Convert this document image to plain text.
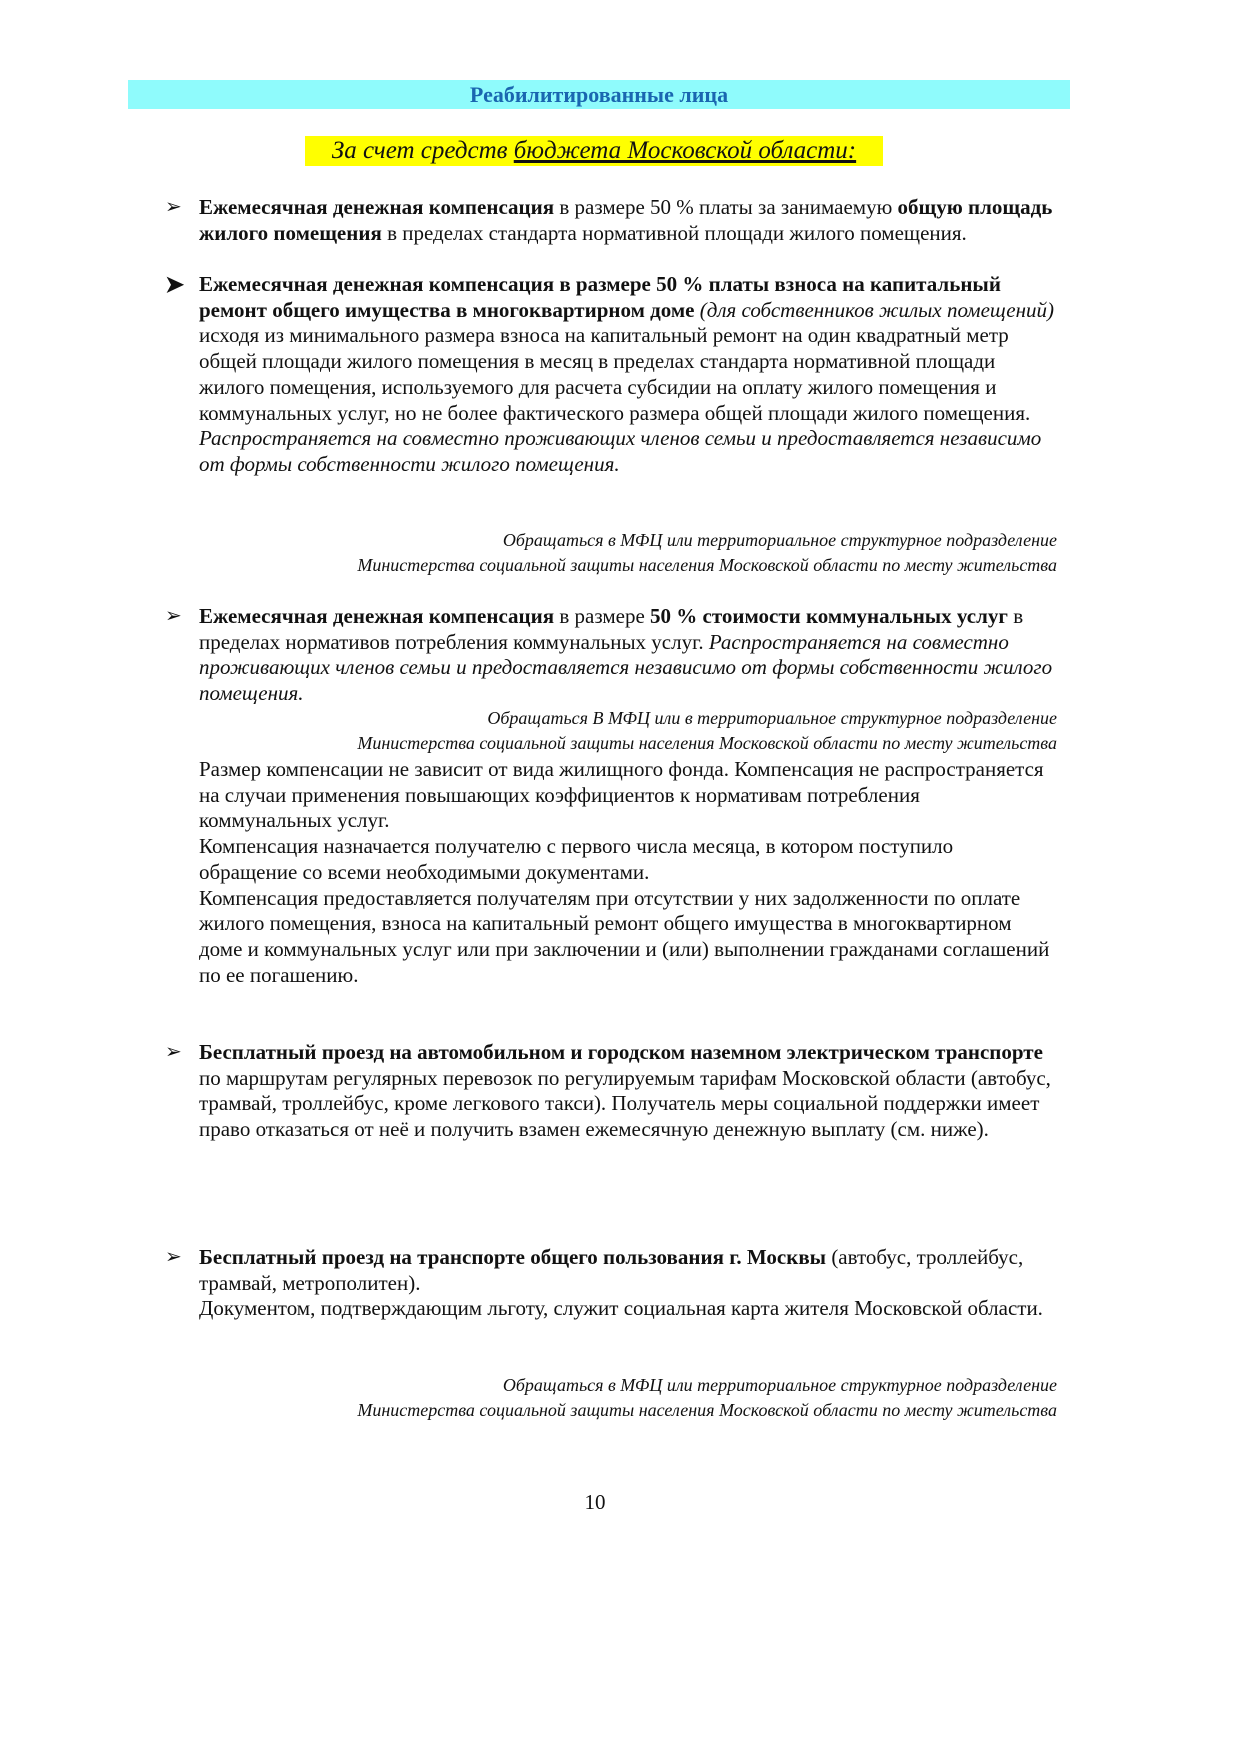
Реабилитированные лица
За счет средств бюджета Московской области:
➢ Ежемесячная денежная компенсация в размере 50 % платы за занимаемую общую площадь жилого помещения в пределах стандарта нормативной площади жилого помещения.
➤ Ежемесячная денежная компенсация в размере 50 % платы взноса на капитальный ремонт общего имущества в многоквартирном доме (для собственников жилых помещений) исходя из минимального размера взноса на капитальный ремонт на один квадратный метр общей площади жилого помещения в месяц в пределах стандарта нормативной площади жилого помещения, используемого для расчета субсидии на оплату жилого помещения и коммунальных услуг, но не более фактического размера общей площади жилого помещения.
Распространяется на совместно проживающих членов семьи и предоставляется независимо от формы собственности жилого помещения.
Обращаться в МФЦ или территориальное структурное подразделение
Министерства социальной защиты населения Московской области по месту жительства
➢ Ежемесячная денежная компенсация в размере 50 % стоимости коммунальных услуг в пределах нормативов потребления коммунальных услуг. Распространяется на совместно проживающих членов семьи и предоставляется независимо от формы собственности жилого помещения.
Обращаться В МФЦ или в территориальное структурное подразделение
Министерства социальной защиты населения Московской области по месту жительства
Размер компенсации не зависит от вида жилищного фонда. Компенсация не распространяется на случаи применения повышающих коэффициентов к нормативам потребления коммунальных услуг.
Компенсация назначается получателю с первого числа месяца, в котором поступило обращение со всеми необходимыми документами.
Компенсация предоставляется получателям при отсутствии у них задолженности по оплате жилого помещения, взноса на капитальный ремонт общего имущества в многоквартирном доме и коммунальных услуг или при заключении и (или) выполнении гражданами соглашений по ее погашению.
➢ Бесплатный проезд на автомобильном и городском наземном электрическом транспорте по маршрутам регулярных перевозок по регулируемым тарифам Московской области (автобус, трамвай, троллейбус, кроме легкового такси). Получатель меры социальной поддержки имеет право отказаться от неё и получить взамен ежемесячную денежную выплату (см. ниже).
➢ Бесплатный проезд на транспорте общего пользования г. Москвы (автобус, троллейбус, трамвай, метрополитен).
Документом, подтверждающим льготу, служит социальная карта жителя Московской области.
Обращаться в МФЦ или территориальное структурное подразделение
Министерства социальной защиты населения Московской области по месту жительства
10
